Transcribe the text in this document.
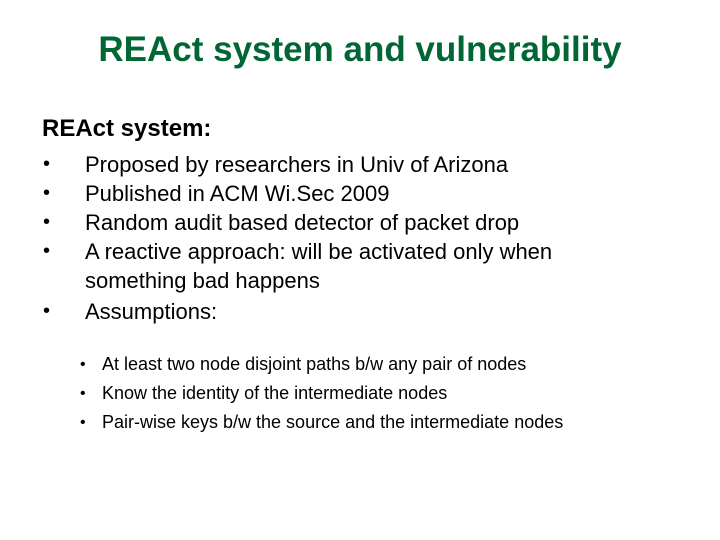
REAct system and vulnerability
REAct system:
•	Proposed by researchers in Univ of Arizona
•	Published in ACM Wi.Sec 2009
•	Random audit based detector of packet drop
•	A reactive approach: will be activated only when something bad happens
•	Assumptions:
• At least two node disjoint paths b/w any pair of nodes
• Know the identity of the intermediate nodes
• Pair-wise keys b/w the source and the intermediate nodes
